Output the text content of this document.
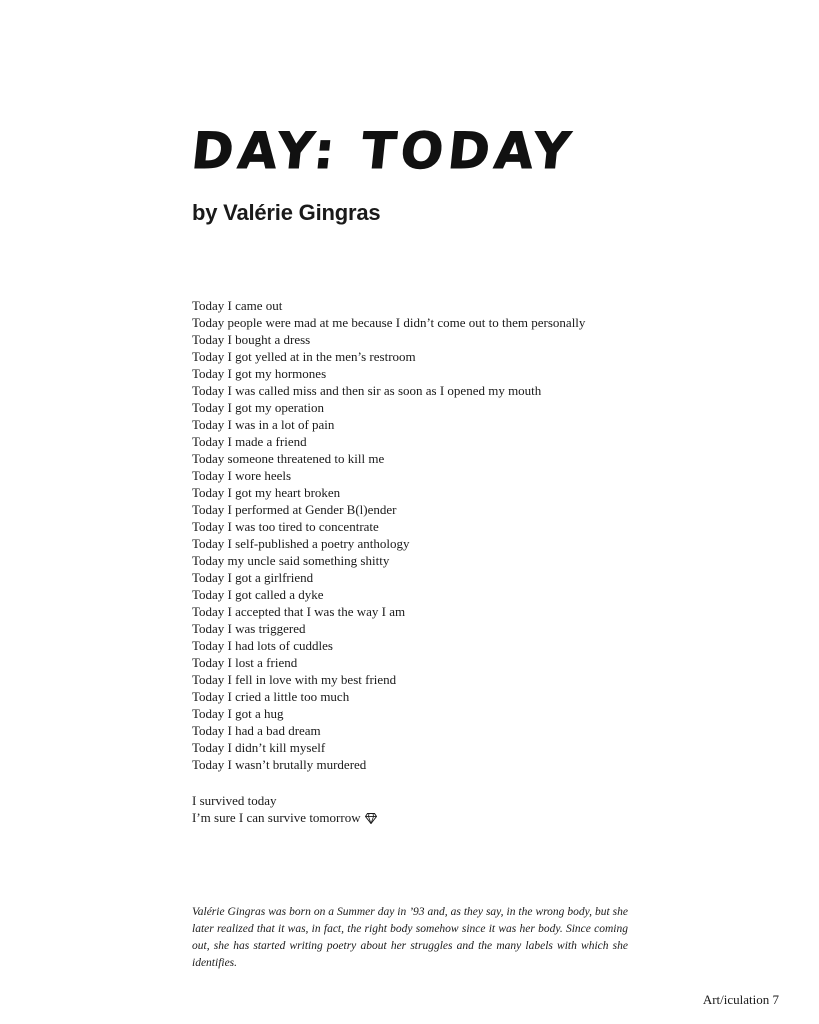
DAY: TODAY
by Valérie Gingras
Today I came out
Today people were mad at me because I didn’t come out to them personally
Today I bought a dress
Today I got yelled at in the men’s restroom
Today I got my hormones
Today I was called miss and then sir as soon as I opened my mouth
Today I got my operation
Today I was in a lot of pain
Today I made a friend
Today someone threatened to kill me
Today I wore heels
Today I got my heart broken
Today I performed at Gender B(l)ender
Today I was too tired to concentrate
Today I self-published a poetry anthology
Today my uncle said something shitty
Today I got a girlfriend
Today I got called a dyke
Today I accepted that I was the way I am
Today I was triggered
Today I had lots of cuddles
Today I lost a friend
Today I fell in love with my best friend
Today I cried a little too much
Today I got a hug
Today I had a bad dream
Today I didn’t kill myself
Today I wasn’t brutally murdered
I survived today
I’m sure I can survive tomorrow

Valérie Gingras was born on a Summer day in ’93 and, as they say, in the wrong body, but she later realized that it was, in fact, the right body somehow since it was her body. Since coming out, she has started writing poetry about her struggles and the many labels with which she identifies.

Art/iculation 7
